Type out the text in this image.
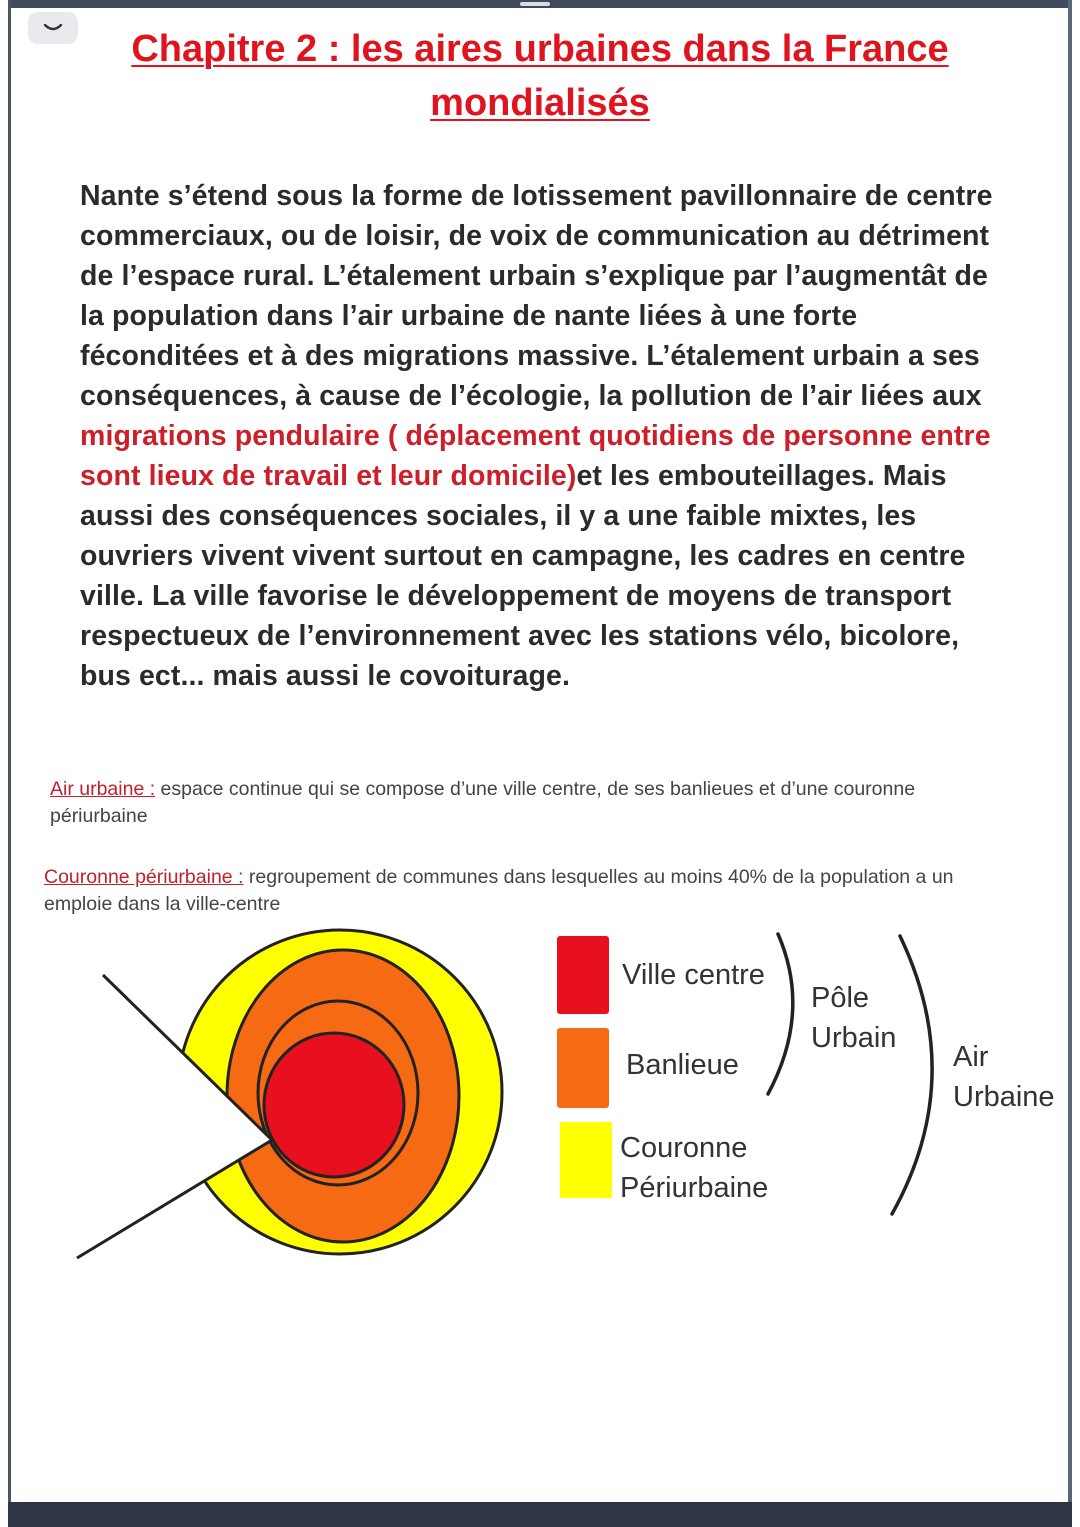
Chapitre 2 : les aires urbaines dans la France mondialisés
Nante s’étend sous la forme de lotissement pavillonnaire de centre commerciaux, ou de loisir, de voix de communication au détriment de l’espace rural. L’étalement urbain s’explique par l’augmentât de la population dans l’air urbaine de nante liées à une forte féconditées et à des migrations massive. L’étalement urbain a ses conséquences, à cause de l’écologie, la pollution de l’air liées aux migrations pendulaire ( déplacement quotidiens de personne entre sont lieux de travail et leur domicile)et les embouteillages. Mais aussi des conséquences sociales, il y a une faible mixtes, les ouvriers vivent vivent surtout en campagne, les cadres en centre ville. La ville favorise le développement de moyens de transport respectueux de l’environnement avec les stations vélo, bicolore, bus ect... mais aussi le covoiturage.
Air urbaine : espace continue qui se compose d’une ville centre, de ses banlieues et d’une couronne périurbaine
Couronne périurbaine : regroupement de communes dans lesquelles au moins 40% de la population a un emploie dans la ville-centre
Ville centre
Banlieue
Couronne
Périurbaine
Pôle
Urbain
Air
Urbaine
